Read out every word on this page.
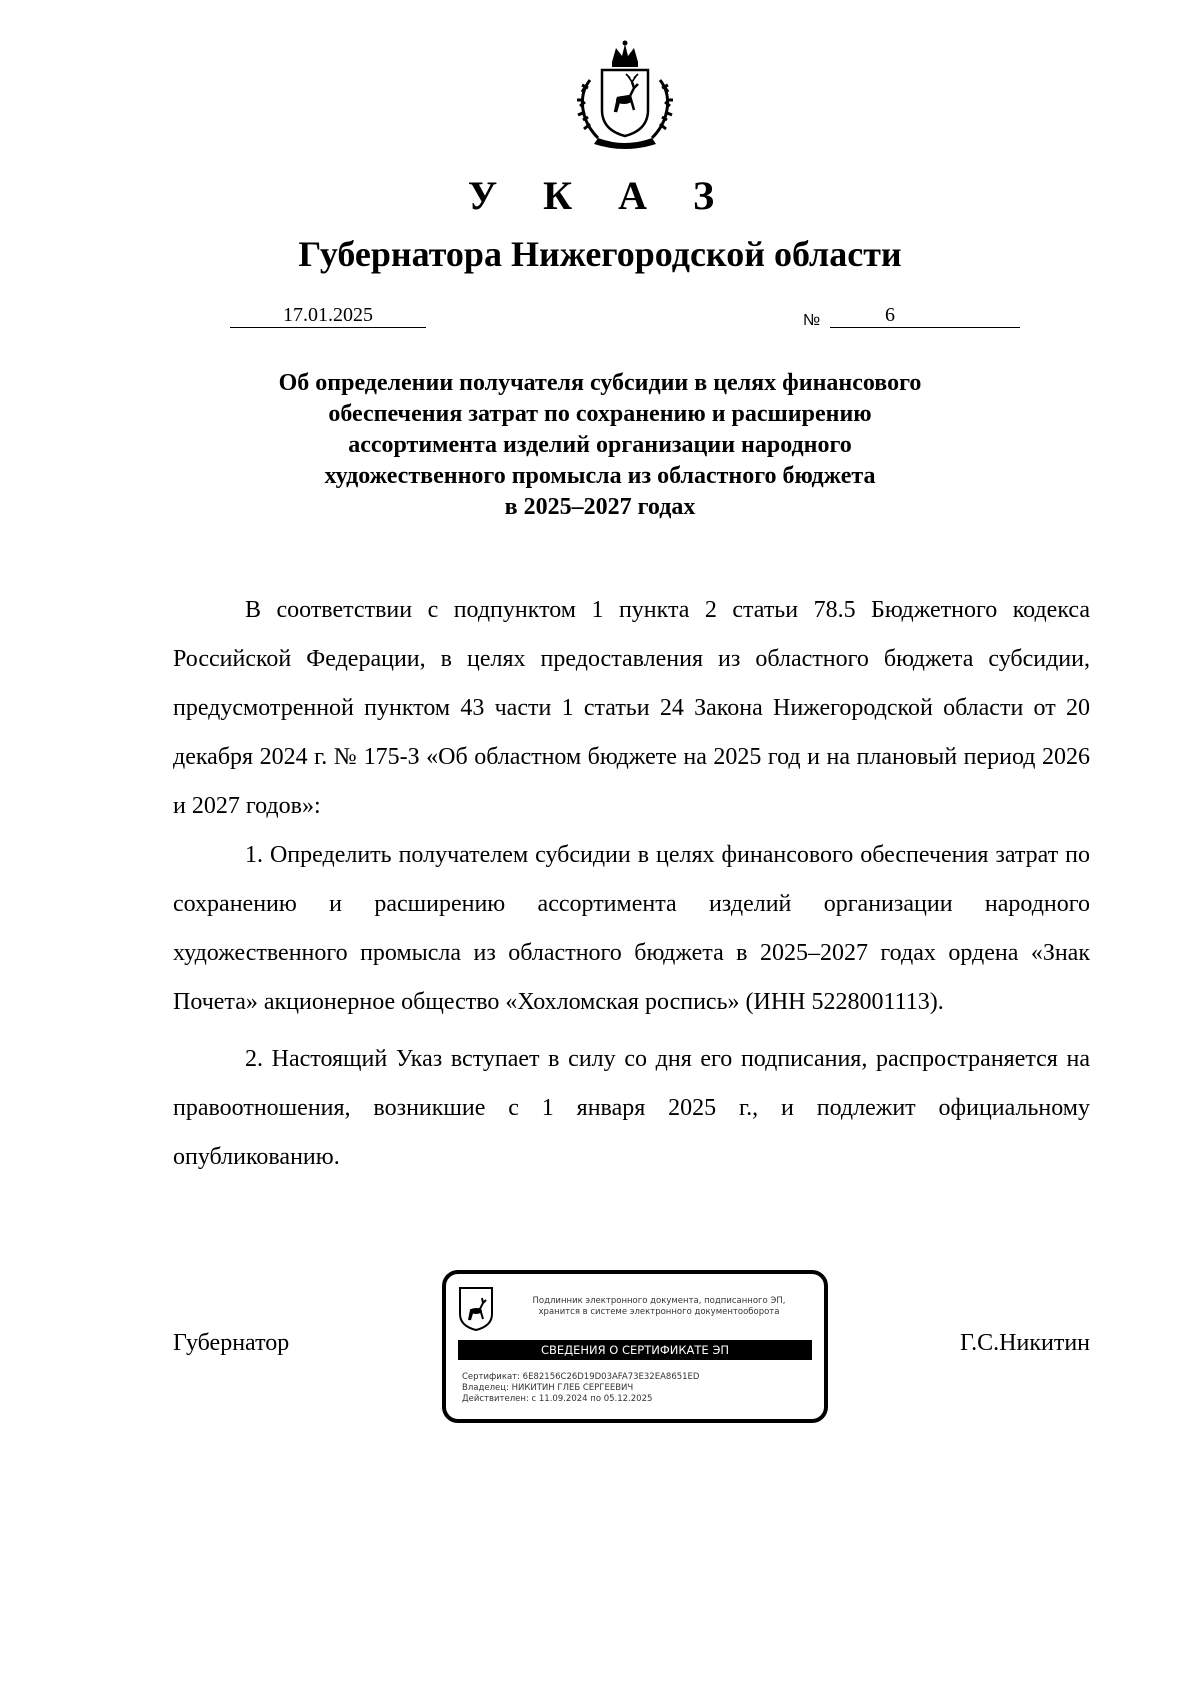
У К А З
Губернатора Нижегородской области
17.01.2025	№	6
Об определении получателя субсидии в целях финансового
обеспечения затрат по сохранению и расширению
ассортимента изделий организации народного
художественного промысла из областного бюджета
в 2025–2027 годах

В соответствии с подпунктом 1 пункта 2 статьи 78.5 Бюджетного кодекса Российской Федерации, в целях предоставления из областного бюджета субсидии, предусмотренной пунктом 43 части 1 статьи 24 Закона Нижегородской области от 20 декабря 2024 г. № 175-З «Об областном бюджете на 2025 год и на плановый период 2026 и 2027 годов»:

1. Определить получателем субсидии в целях финансового обеспечения затрат по сохранению и расширению ассортимента изделий организации народного художественного промысла из областного бюджета в 2025–2027 годах ордена «Знак Почета» акционерное общество «Хохломская роспись» (ИНН 5228001113).

2. Настоящий Указ вступает в силу со дня его подписания, распространяется на правоотношения, возникшие с 1 января 2025 г., и подлежит официальному опубликованию.

Губернатор	Г.С.Никитин
Подлинник электронного документа, подписанного ЭП,
хранится в системе электронного документооборота
СВЕДЕНИЯ О СЕРТИФИКАТЕ ЭП
Сертификат: 6E82156C26D19D03AFA73E32EA8651ED
Владелец: НИКИТИН ГЛЕБ СЕРГЕЕВИЧ
Действителен: с 11.09.2024 по 05.12.2025
